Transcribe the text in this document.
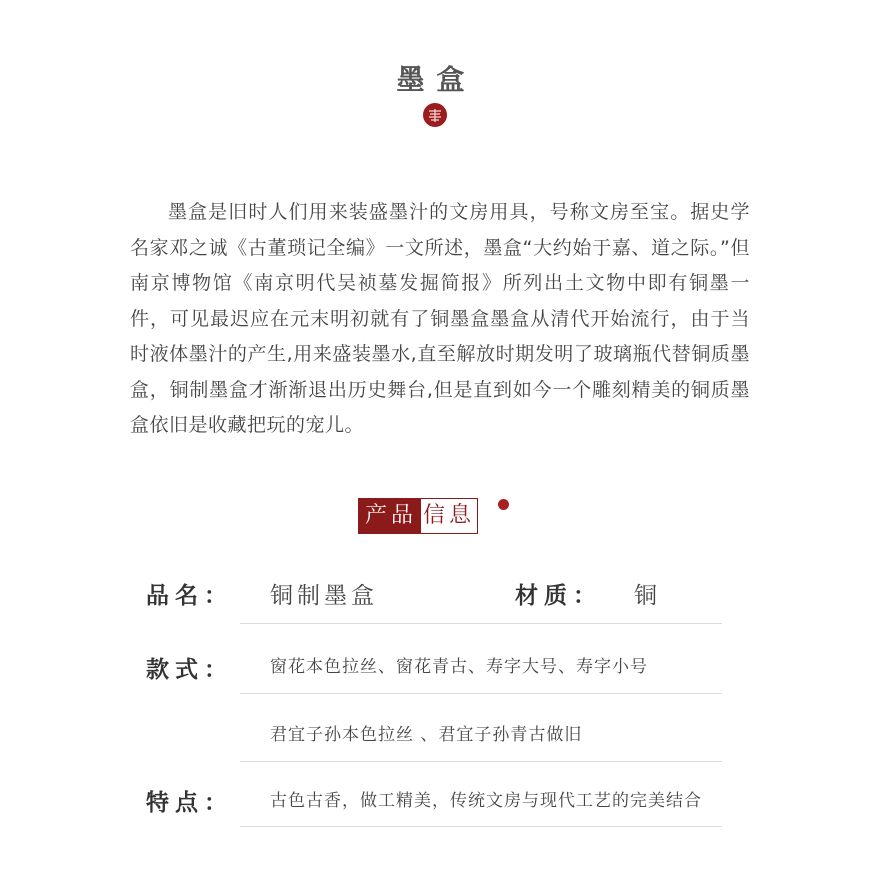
墨盒

墨盒是旧时人们用来装盛墨汁的文房用具，号称文房至宝。据史学名家邓之诚《古董琐记全编》一文所述，墨盒“大约始于嘉、道之际。”但南京博物馆《南京明代吴祯墓发掘简报》所列出土文物中即有铜墨一件，可见最迟应在元末明初就有了铜墨盒墨盒从清代开始流行，由于当时液体墨汁的产生,用来盛装墨水,直至解放时期发明了玻璃瓶代替铜质墨盒，铜制墨盒才渐渐退出历史舞台,但是直到如今一个雕刻精美的铜质墨盒依旧是收藏把玩的宠儿。

产品 信息
品名： 铜制墨盒	材质： 铜
款式： 窗花本色拉丝、窗花青古、寿字大号、寿字小号
君宜子孙本色拉丝 、君宜子孙青古做旧
特点： 古色古香，做工精美，传统文房与现代工艺的完美结合
